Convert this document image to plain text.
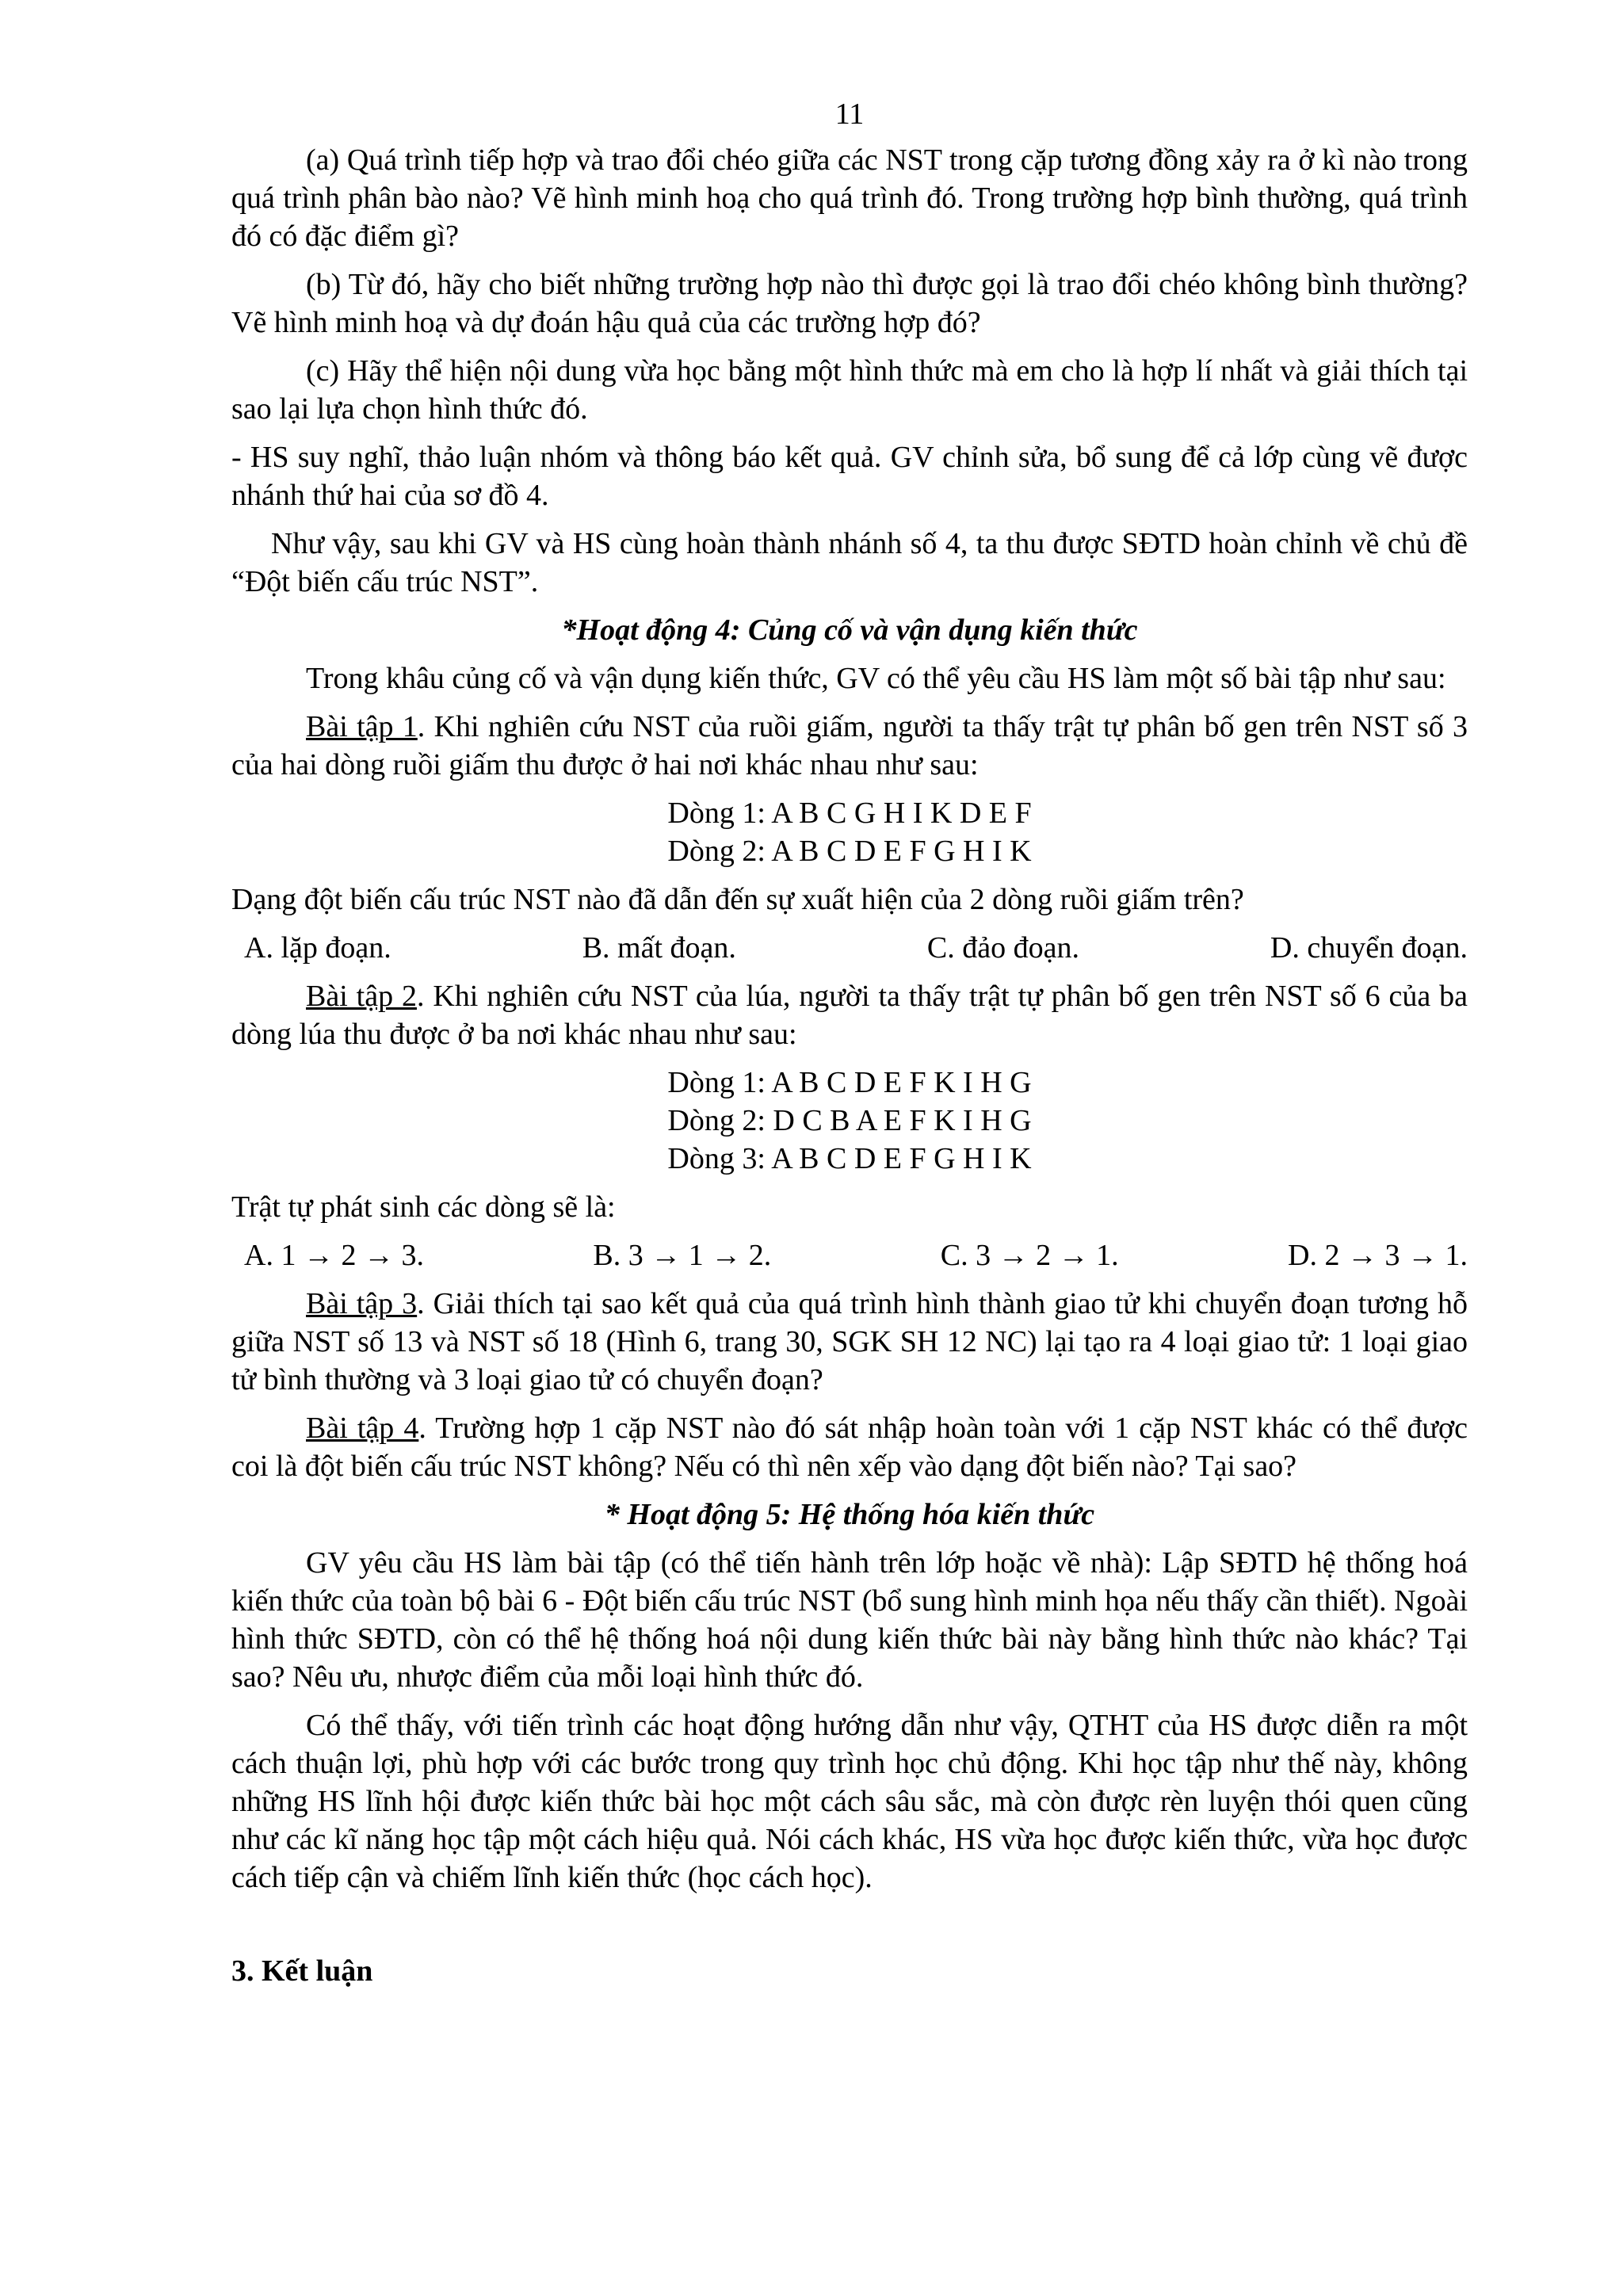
11

(a) Quá trình tiếp hợp và trao đổi chéo giữa các NST trong cặp tương đồng xảy ra ở kì nào trong quá trình phân bào nào? Vẽ hình minh hoạ cho quá trình đó. Trong trường hợp bình thường, quá trình đó có đặc điểm gì?

(b) Từ đó, hãy cho biết những trường hợp nào thì được gọi là trao đổi chéo không bình thường? Vẽ hình minh hoạ và dự đoán hậu quả của các trường hợp đó?

(c) Hãy thể hiện nội dung vừa học bằng một hình thức mà em cho là hợp lí nhất và giải thích tại sao lại lựa chọn hình thức đó.

- HS suy nghĩ, thảo luận nhóm và thông báo kết quả. GV chỉnh sửa, bổ sung để cả lớp cùng vẽ được nhánh thứ hai của sơ đồ 4.

Như vậy, sau khi GV và HS cùng hoàn thành nhánh số 4, ta thu được SĐTD hoàn chỉnh về chủ đề “Đột biến cấu trúc NST”.

*Hoạt động 4: Củng cố và vận dụng kiến thức

Trong khâu củng cố và vận dụng kiến thức, GV có thể yêu cầu HS làm một số bài tập như sau:

Bài tập 1. Khi nghiên cứu NST của ruồi giấm, người ta thấy trật tự phân bố gen trên NST số 3 của hai dòng ruồi giấm thu được ở hai nơi khác nhau như sau:

Dòng 1: A B C G H I K D E F
Dòng 2: A B C D E F G H I K

Dạng đột biến cấu trúc NST nào đã dẫn đến sự xuất hiện của 2 dòng ruồi giấm trên?

A. lặp đoạn.	B. mất đoạn.	C. đảo đoạn.	D. chuyển đoạn.

Bài tập 2. Khi nghiên cứu NST của lúa, người ta thấy trật tự phân bố gen trên NST số 6 của ba dòng lúa thu được ở ba nơi khác nhau như sau:

Dòng 1: A B C D E F K I H G
Dòng 2: D C B A E F K I H G
Dòng 3: A B C D E F G H I K

Trật tự phát sinh các dòng sẽ là:

A. 1 → 2 → 3.	B. 3 → 1 → 2.	C. 3 → 2 → 1.	D. 2 → 3 → 1.

Bài tập 3. Giải thích tại sao kết quả của quá trình hình thành giao tử khi chuyển đoạn tương hỗ giữa NST số 13 và NST số 18 (Hình 6, trang 30, SGK SH 12 NC) lại tạo ra 4 loại giao tử: 1 loại giao tử bình thường và 3 loại giao tử có chuyển đoạn?

Bài tập 4. Trường hợp 1 cặp NST nào đó sát nhập hoàn toàn với 1 cặp NST khác có thể được coi là đột biến cấu trúc NST không? Nếu có thì nên xếp vào dạng đột biến nào? Tại sao?

* Hoạt động 5: Hệ thống hóa kiến thức

GV yêu cầu HS làm bài tập (có thể tiến hành trên lớp hoặc về nhà): Lập SĐTD hệ thống hoá kiến thức của toàn bộ bài 6 - Đột biến cấu trúc NST (bổ sung hình minh họa nếu thấy cần thiết). Ngoài hình thức SĐTD, còn có thể hệ thống hoá nội dung kiến thức bài này bằng hình thức nào khác? Tại sao? Nêu ưu, nhược điểm của mỗi loại hình thức đó.

Có thể thấy, với tiến trình các hoạt động hướng dẫn như vậy, QTHT của HS được diễn ra một cách thuận lợi, phù hợp với các bước trong quy trình học chủ động. Khi học tập như thế này, không những HS lĩnh hội được kiến thức bài học một cách sâu sắc, mà còn được rèn luyện thói quen cũng như các kĩ năng học tập một cách hiệu quả. Nói cách khác, HS vừa học được kiến thức, vừa học được cách tiếp cận và chiếm lĩnh kiến thức (học cách học).

3. Kết luận
